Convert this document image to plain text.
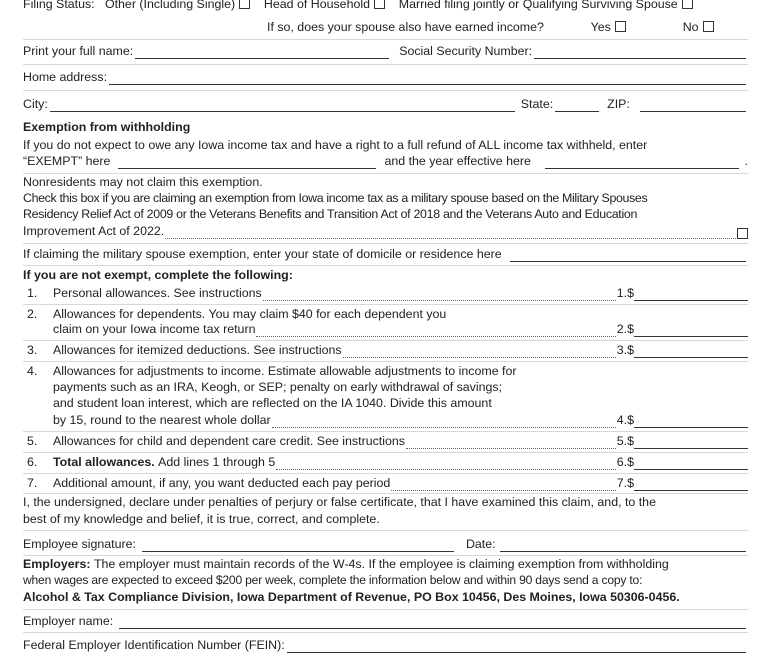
Filing Status: Other (Including Single) Head of Household Married filing jointly or Qualifying Surviving Spouse
If so, does your spouse also have earned income?	Yes	No
Print your full name:	Social Security Number:
Home address:
City:	State:	ZIP:
Exemption from withholding
If you do not expect to owe any Iowa income tax and have a right to a full refund of ALL income tax withheld, enter
“EXEMPT” here	and the year effective here	.
Nonresidents may not claim this exemption.
Check this box if you are claiming an exemption from Iowa income tax as a military spouse based on the Military Spouses
Residency Relief Act of 2009 or the Veterans Benefits and Transition Act of 2018 and the Veterans Auto and Education
Improvement Act of 2022.
If claiming the military spouse exemption, enter your state of domicile or residence here
If you are not exempt, complete the following:
1.	Personal allowances. See instructions	1.$
2. Allowances for dependents. You may claim $40 for each dependent you
claim on your Iowa income tax return	2.$
3.	Allowances for itemized deductions. See instructions	3.$
4. Allowances for adjustments to income. Estimate allowable adjustments to income for
payments such as an IRA, Keogh, or SEP; penalty on early withdrawal of savings;
and student loan interest, which are reflected on the IA 1040. Divide this amount
by 15, round to the nearest whole dollar	4.$
5.	Allowances for child and dependent care credit. See instructions	5.$
6.	Total allowances.
Add lines 1 through 5	6.$
7.	Additional amount, if any, you want deducted each pay period	7.$
I, the undersigned, declare under penalties of perjury or false certificate, that I have examined this claim, and, to the
best of my knowledge and belief, it is true, correct, and complete.
Employee signature:	Date:
Employers: The employer must maintain records of the W-4s. If the employee is claiming exemption from withholding
when wages are expected to exceed $200 per week, complete the information below and within 90 days send a copy to:
Alcohol & Tax Compliance Division, Iowa Department of Revenue, PO Box 10456, Des Moines, Iowa 50306-0456.
Employer name:
Federal Employer Identification Number (FEIN):
